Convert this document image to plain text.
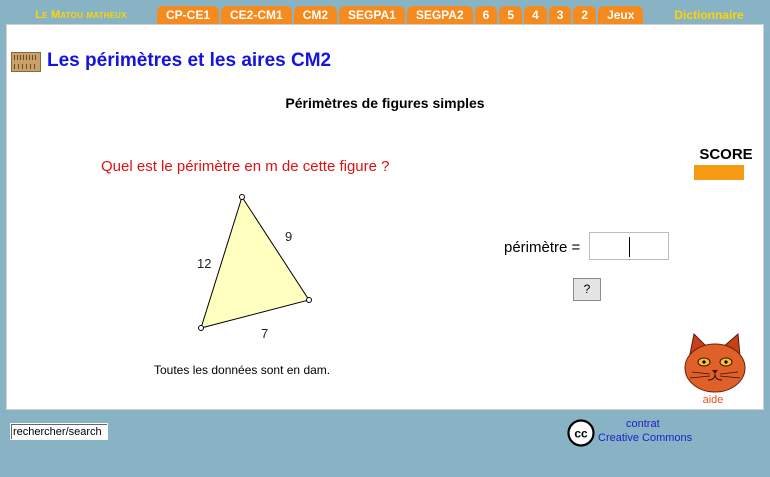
Le Matou matheux	CP-CE1	CE2-CM1	CM2	SEGPA1	SEGPA2	6	5	4	3	2	Jeux	Dictionnaire
Les périmètres et les aires CM2
Périmètres de figures simples
SCORE
Quel est le périmètre en m de cette figure ?
12
9
7
Toutes les données sont en dam.
périmètre =
?
aide
rechercher/search
cc
contrat
Creative Commons
